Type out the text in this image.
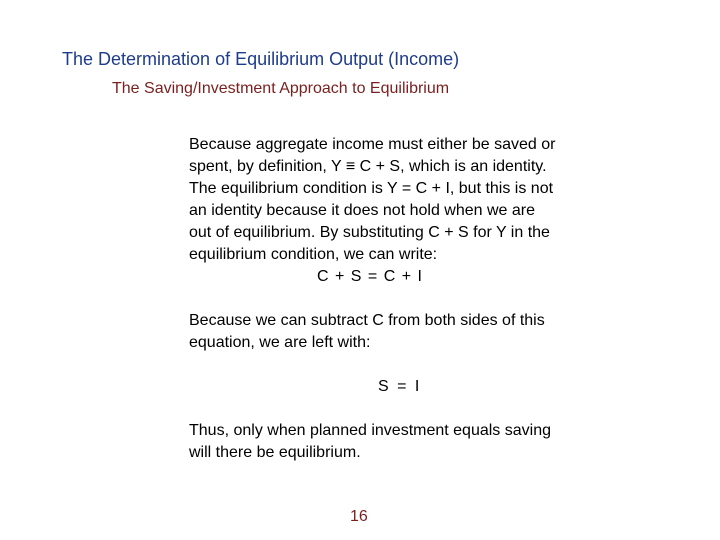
The Determination of Equilibrium Output (Income)
The Saving/Investment Approach to Equilibrium
Because aggregate income must either be saved or
spent, by definition, Y ≡ C + S, which is an identity.
The equilibrium condition is Y = C + I, but this is not
an identity because it does not hold when we are
out of equilibrium. By substituting C + S for Y in the
equilibrium condition, we can write:
C + S = C + I
Because we can subtract C from both sides of this
equation, we are left with:
S = I
Thus, only when planned investment equals saving
will there be equilibrium.
16
